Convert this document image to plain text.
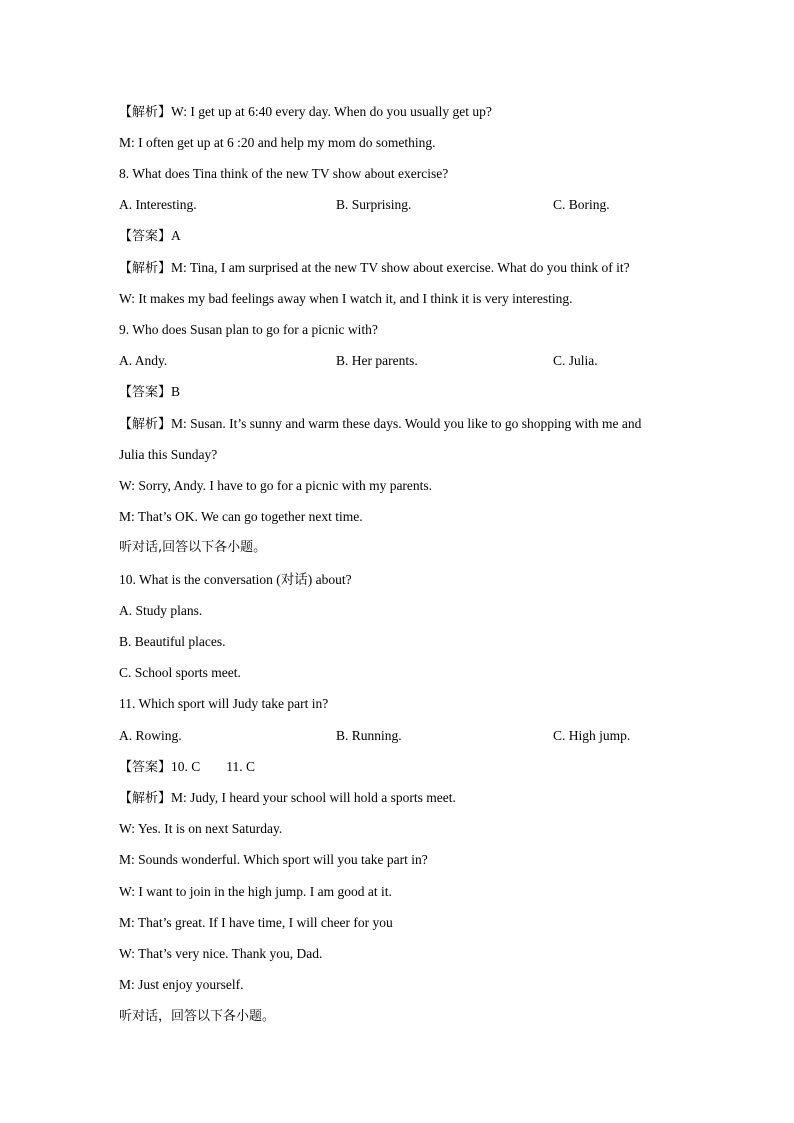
【解析】W: I get up at 6:40 every day. When do you usually get up?
M: I often get up at 6 :20 and help my mom do something.
8. What does Tina think of the new TV show about exercise?
A. Interesting.	B. Surprising.	C. Boring.
【答案】A
【解析】M: Tina, I am surprised at the new TV show about exercise. What do you think of it?
W: It makes my bad feelings away when I watch it, and I think it is very interesting.
9. Who does Susan plan to go for a picnic with?
A. Andy.	B. Her parents.	C. Julia.
【答案】B
【解析】M: Susan. It’s sunny and warm these days. Would you like to go shopping with me and
Julia this Sunday?
W: Sorry, Andy. I have to go for a picnic with my parents.
M: That’s OK. We can go together next time.
听对话,回答以下各小题。
10. What is the conversation (对话) about?
A. Study plans.
B. Beautiful places.
C. School sports meet.
11. Which sport will Judy take part in?
A. Rowing.	B. Running.	C. High jump.
【答案】10. C 11. C
【解析】M: Judy, I heard your school will hold a sports meet.
W: Yes. It is on next Saturday.
M: Sounds wonderful. Which sport will you take part in?
W: I want to join in the high jump. I am good at it.
M: That’s great. If I have time, I will cheer for you
W: That’s very nice. Thank you, Dad.
M: Just enjoy yourself.
听对话，回答以下各小题。
